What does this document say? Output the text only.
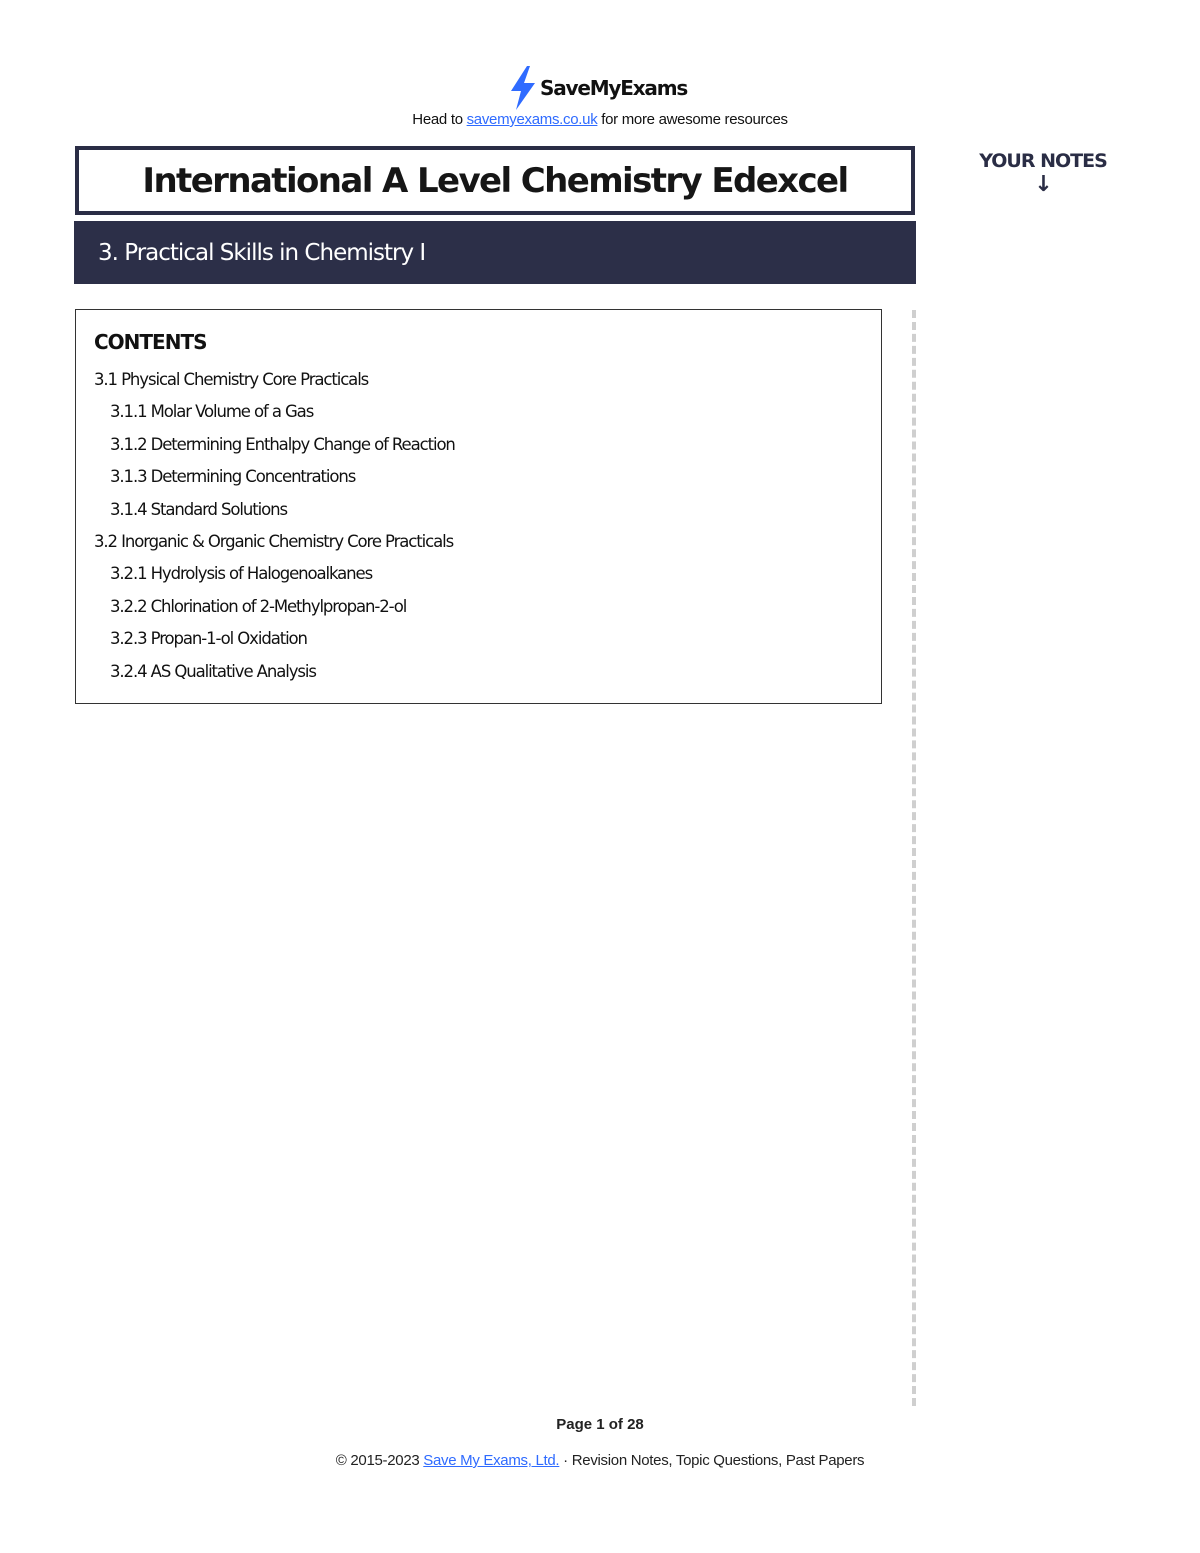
SaveMyExams
Head to savemyexams.co.uk for more awesome resources
International A Level Chemistry Edexcel
3. Practical Skills in Chemistry I
YOUR NOTES
↓
CONTENTS
3.1 Physical Chemistry Core Practicals
3.1.1 Molar Volume of a Gas
3.1.2 Determining Enthalpy Change of Reaction
3.1.3 Determining Concentrations
3.1.4 Standard Solutions
3.2 Inorganic & Organic Chemistry Core Practicals
3.2.1 Hydrolysis of Halogenoalkanes
3.2.2 Chlorination of 2-Methylpropan-2-ol
3.2.3 Propan-1-ol Oxidation
3.2.4 AS Qualitative Analysis
Page 1 of 28
© 2015-2023 Save My Exams, Ltd. · Revision Notes, Topic Questions, Past Papers
